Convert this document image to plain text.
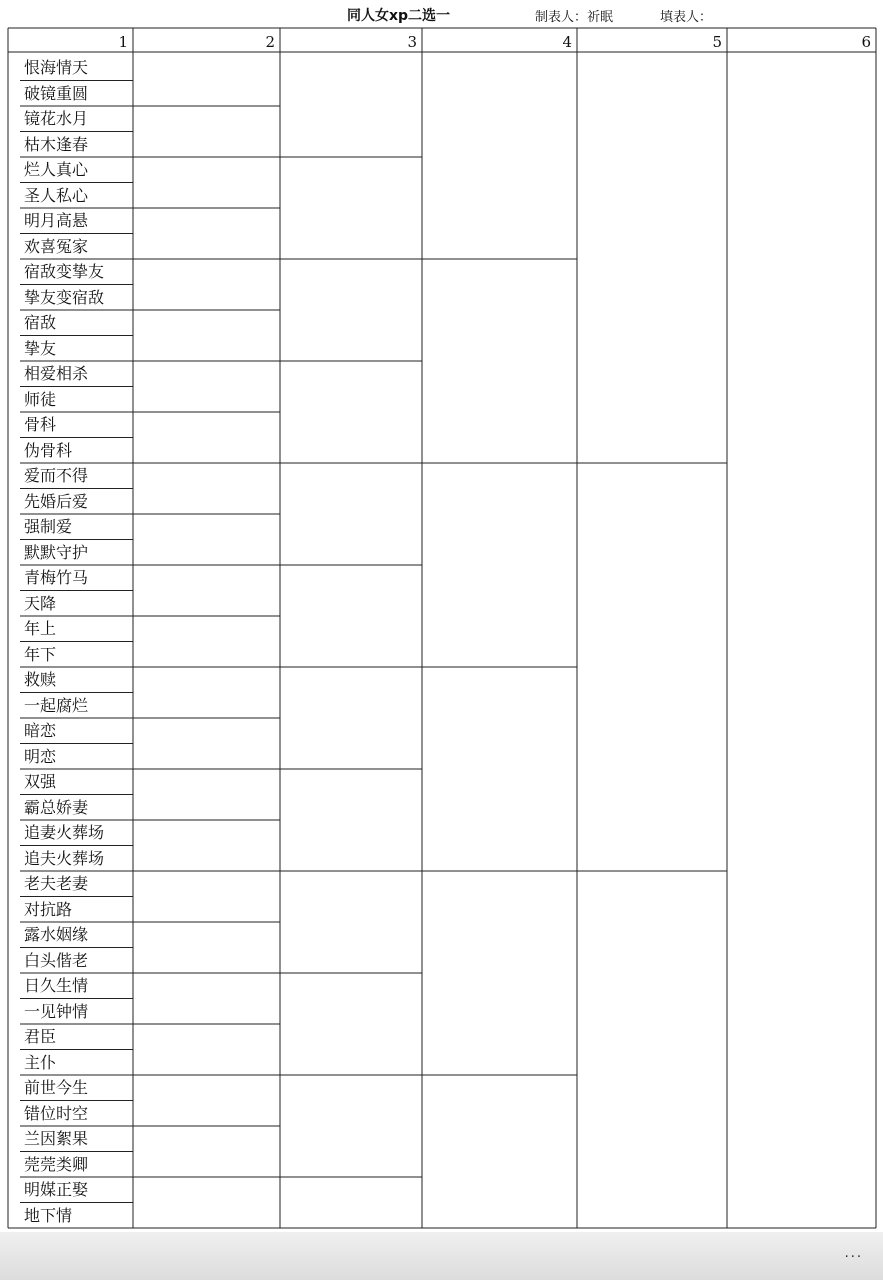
同人女xp二选一	制表人：祈眠	填表人：
1	2	3	4	5	6
恨海情天
破镜重圆
镜花水月
枯木逢春
烂人真心
圣人私心
明月高悬
欢喜冤家
宿敌变挚友
挚友变宿敌
宿敌
挚友
相爱相杀
师徒
骨科
伪骨科
爱而不得
先婚后爱
强制爱
默默守护
青梅竹马
天降
年上
年下
救赎
一起腐烂
暗恋
明恋
双强
霸总娇妻
追妻火葬场
追夫火葬场
老夫老妻
对抗路
露水姻缘
白头偕老
日久生情
一见钟情
君臣
主仆
前世今生
错位时空
兰因絮果
莞莞类卿
明媒正娶
地下情
···
